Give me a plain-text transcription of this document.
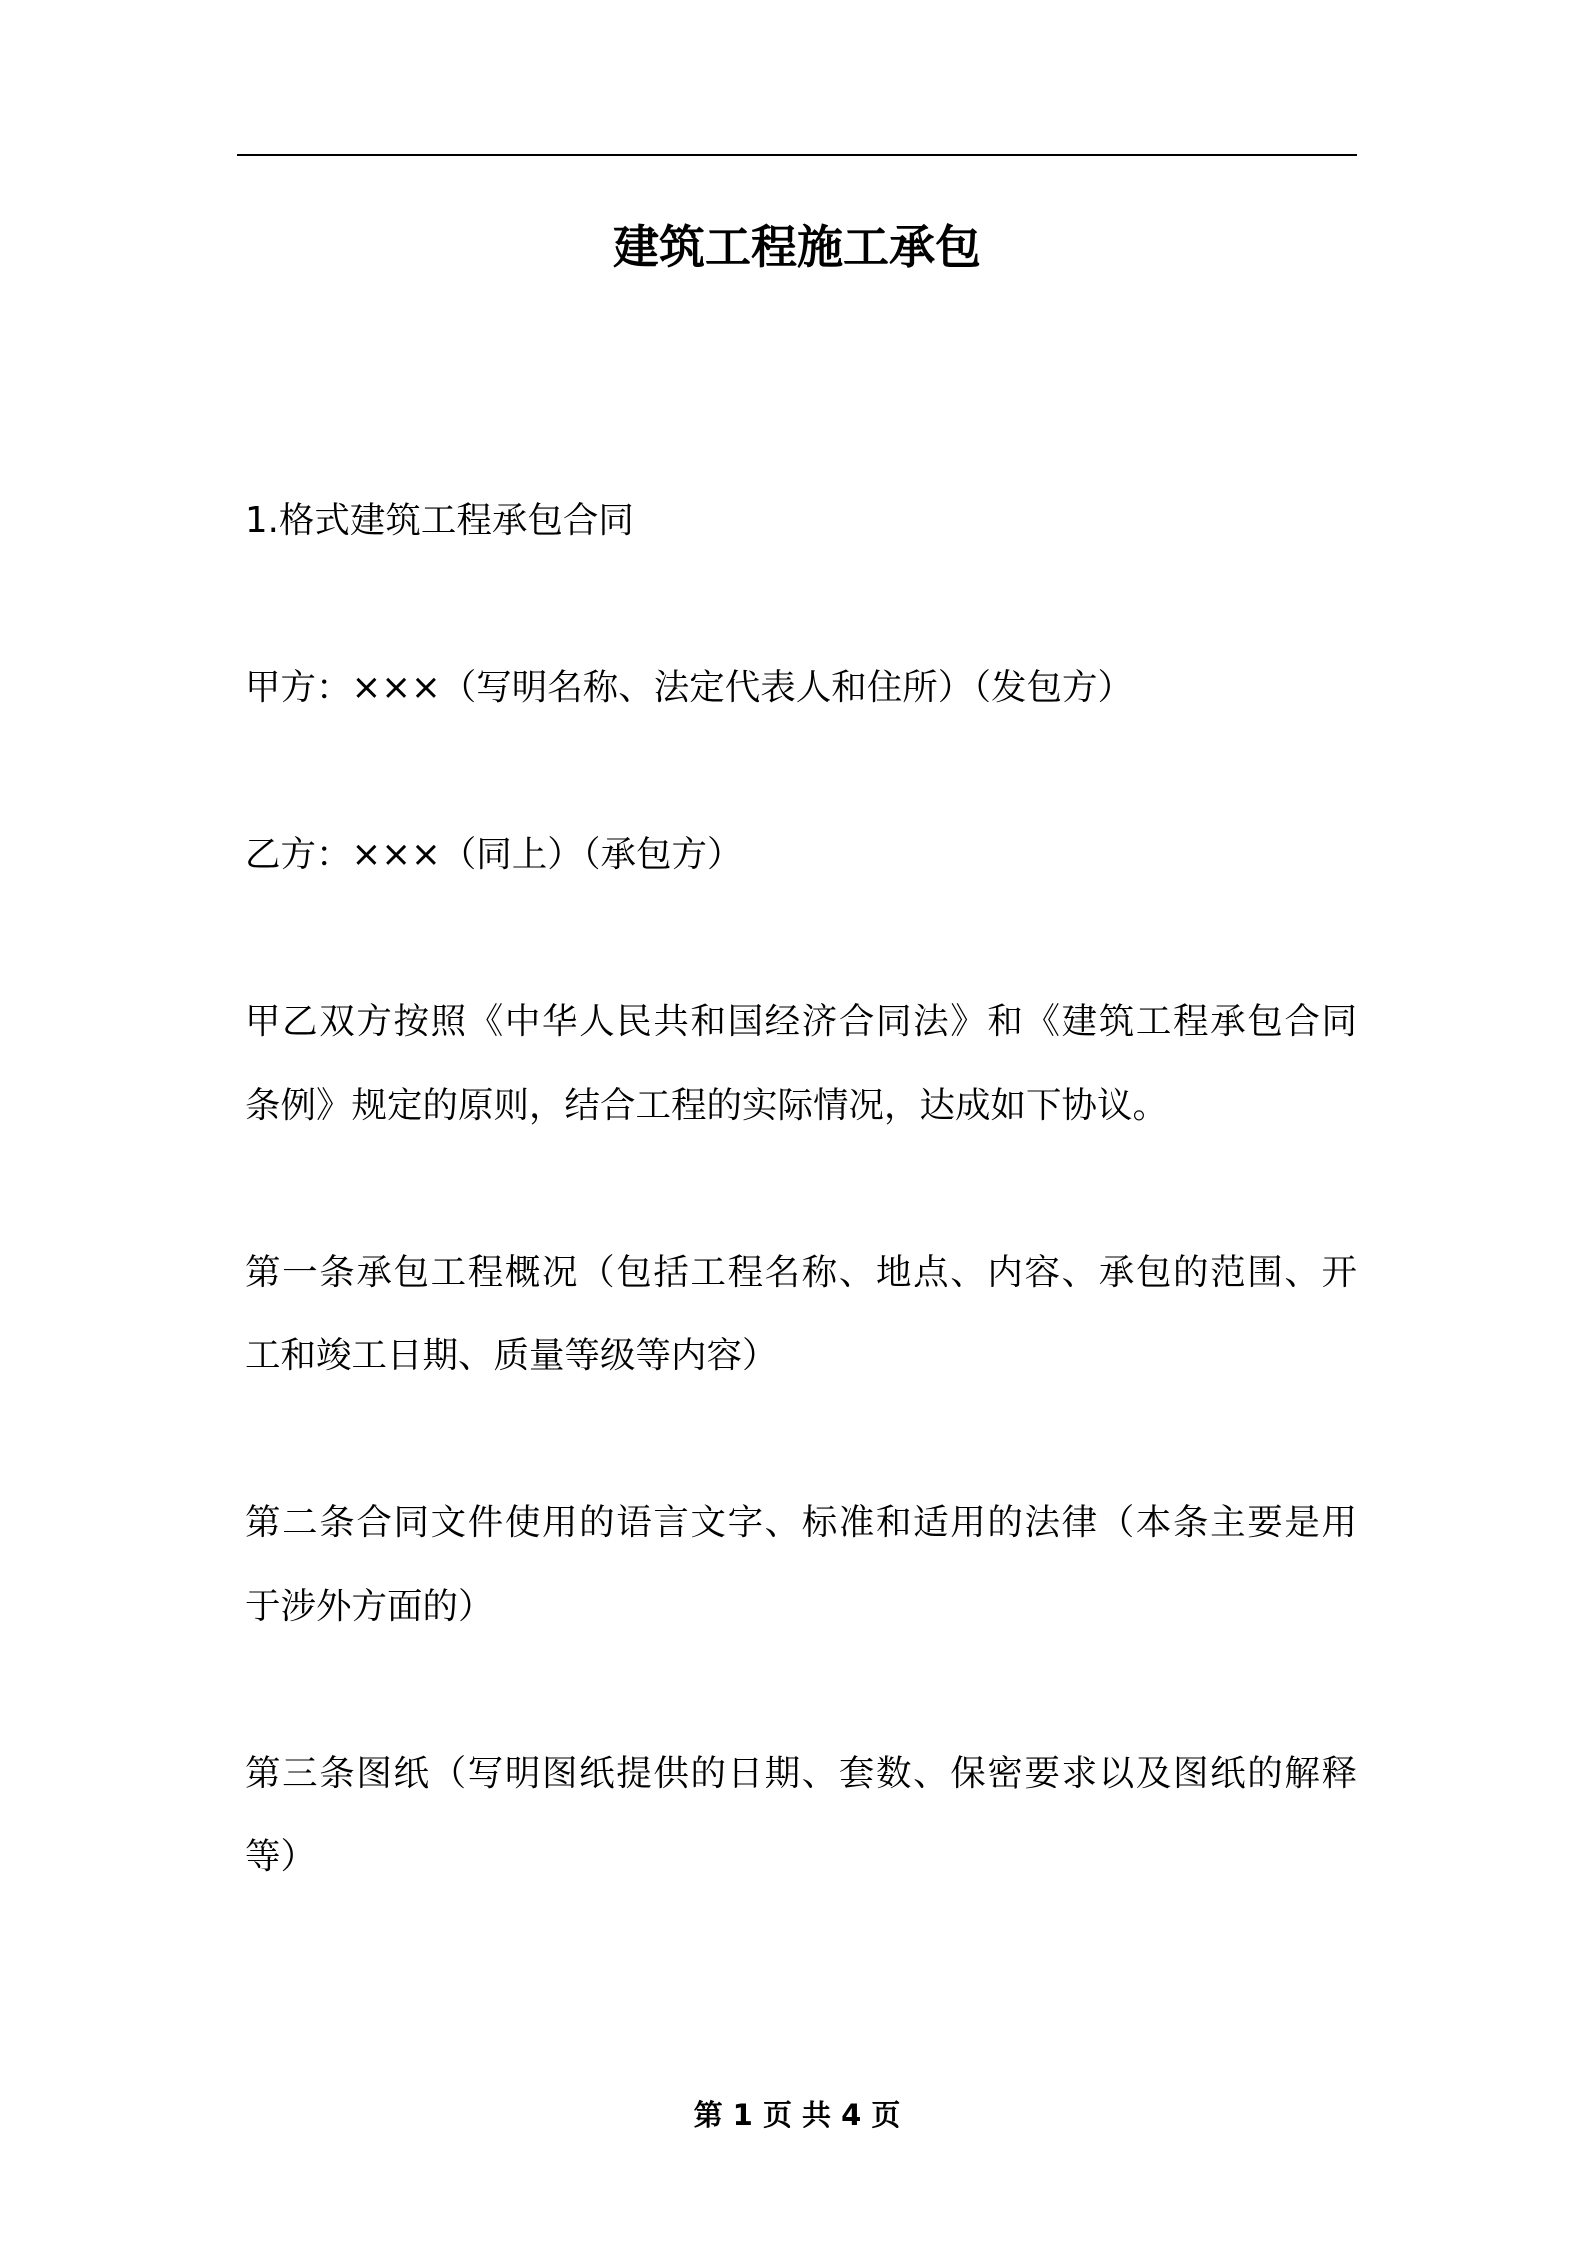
建筑工程施工承包
1.格式建筑工程承包合同
甲方：×××（写明名称、法定代表人和住所）（发包方）
乙方：×××（同上）（承包方）
甲乙双方按照《中华人民共和国经济合同法》和《建筑工程承包合同
条例》规定的原则，结合工程的实际情况，达成如下协议。
第一条承包工程概况（包括工程名称、地点、内容、承包的范围、开
工和竣工日期、质量等级等内容）
第二条合同文件使用的语言文字、标准和适用的法律（本条主要是用
于涉外方面的）
第三条图纸（写明图纸提供的日期、套数、保密要求以及图纸的解释
等）
第 1 页 共 4 页
